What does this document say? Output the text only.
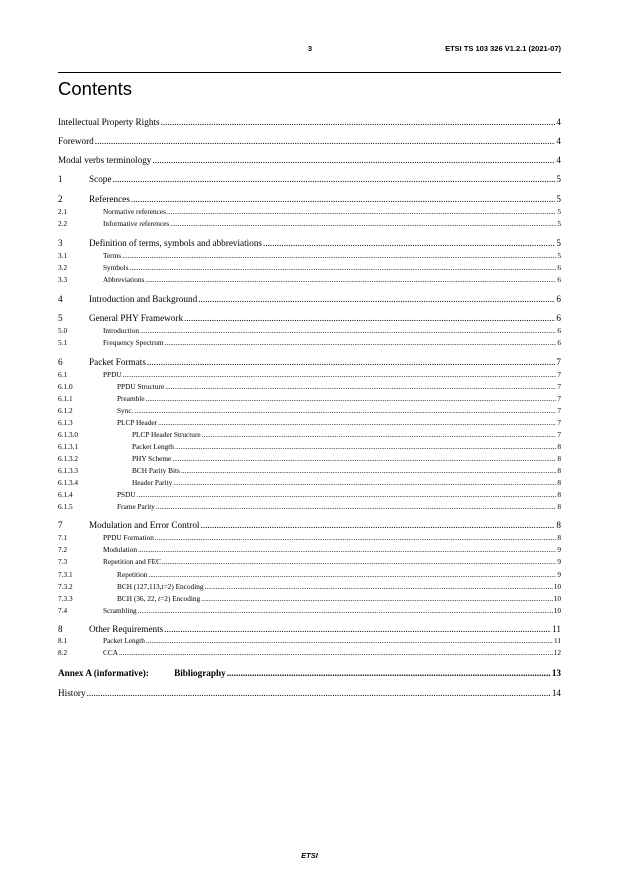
3	ETSI TS 103 326 V1.2.1 (2021-07)
Contents
Intellectual Property Rights .....	4
Foreword .....	4
Modal verbs terminology .....	4
1	Scope .....	5
2	References .....	5
2.1	Normative references .....	5
2.2	Informative references .....	5
3	Definition of terms, symbols and abbreviations .....	5
3.1	Terms .....	5
3.2	Symbols .....	6
3.3	Abbreviations .....	6
4	Introduction and Background .....	6
5	General PHY Framework .....	6
5.0	Introduction .....	6
5.1	Frequency Spectrum .....	6
6	Packet Formats .....	7
6.1	PPDU .....	7
6.1.0	PPDU Structure .....	7
6.1.1	Preamble .....	7
6.1.2	Sync. .....	7
6.1.3	PLCP Header .....	7
6.1.3.0	PLCP Header Structure .....	7
6.1.3.1	Packet Length .....	8
6.1.3.2	PHY Scheme .....	8
6.1.3.3	BCH Parity Bits .....	8
6.1.3.4	Header Parity .....	8
6.1.4	PSDU .....	8
6.1.5	Frame Parity .....	8
7	Modulation and Error Control .....	8
7.1	PPDU Formation .....	8
7.2	Modulation .....	9
7.3	Repetition and FEC .....	9
7.3.1	Repetition .....	9
7.3.2	BCH (127,113,t=2) Encoding .....	10
7.3.3	BCH (36, 22, t=2) Encoding .....	10
7.4	Scrambling .....	10
8	Other Requirements .....	11
8.1	Packet Length .....	11
8.2	CCA .....	12
Annex A (informative):           Bibliography .....	13
History .....	14
ETSI
